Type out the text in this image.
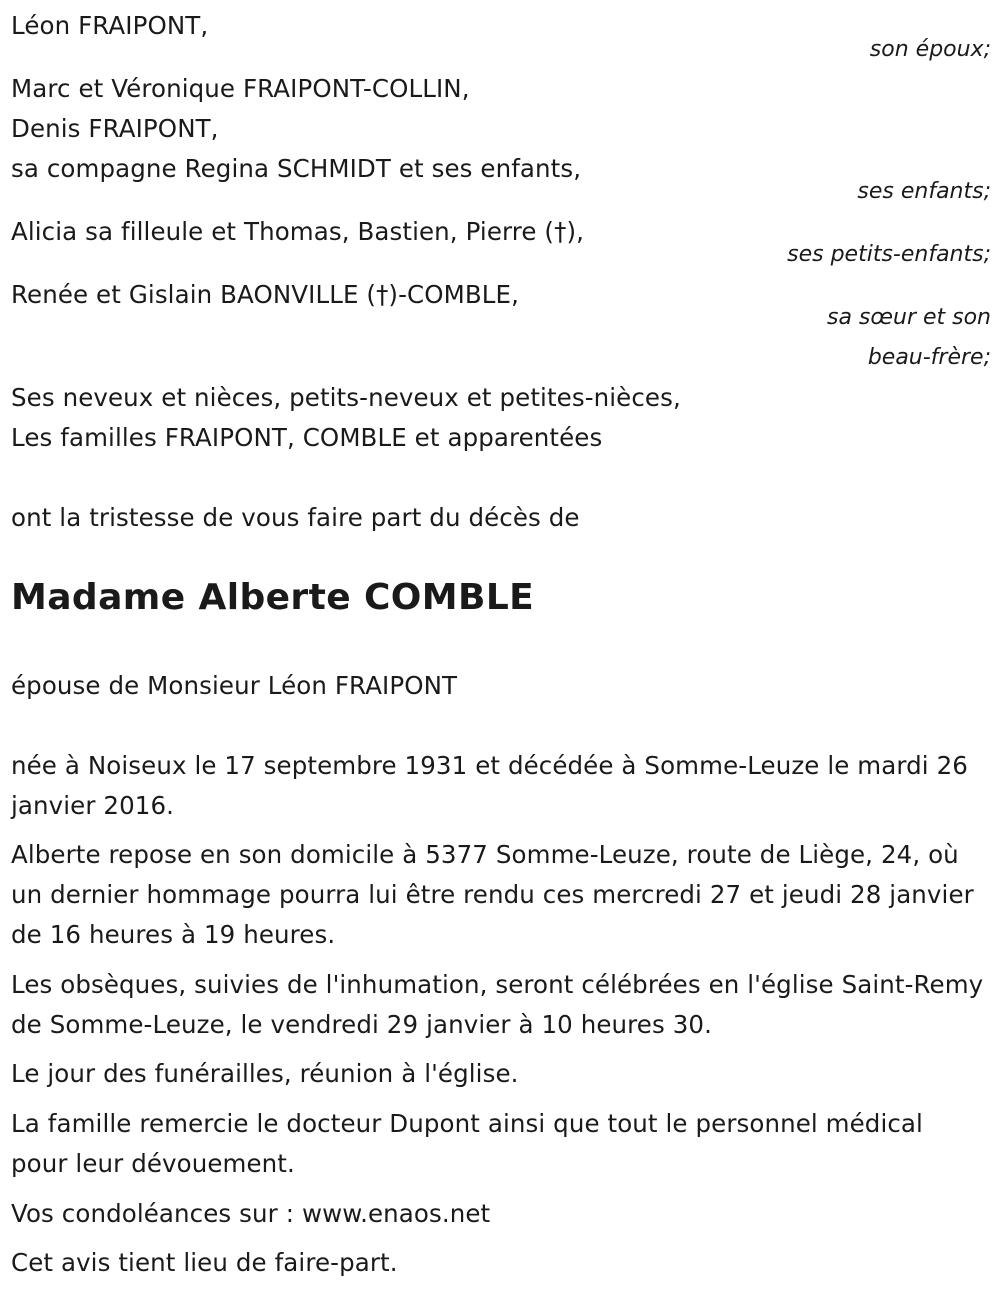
Léon FRAIPONT,
son époux;
Marc et Véronique FRAIPONT-COLLIN,
Denis FRAIPONT,
sa compagne Regina SCHMIDT et ses enfants,
ses enfants;
Alicia sa filleule et Thomas, Bastien, Pierre (†),
ses petits-enfants;
Renée et Gislain BAONVILLE (†)-COMBLE,
sa sœur et son
beau-frère;
Ses neveux et nièces, petits-neveux et petites-nièces,
Les familles FRAIPONT, COMBLE et apparentées
ont la tristesse de vous faire part du décès de
Madame Alberte COMBLE
épouse de Monsieur Léon FRAIPONT
née à Noiseux le 17 septembre 1931 et décédée à Somme-Leuze le mardi 26 janvier 2016.
Alberte repose en son domicile à 5377 Somme-Leuze, route de Liège, 24, où un dernier hommage pourra lui être rendu ces mercredi 27 et jeudi 28 janvier de 16 heures à 19 heures.
Les obsèques, suivies de l'inhumation, seront célébrées en l'église Saint-Remy de Somme-Leuze, le vendredi 29 janvier à 10 heures 30.
Le jour des funérailles, réunion à l'église.
La famille remercie le docteur Dupont ainsi que tout le personnel médical pour leur dévouement.
Vos condoléances sur : www.enaos.net
Cet avis tient lieu de faire-part.
